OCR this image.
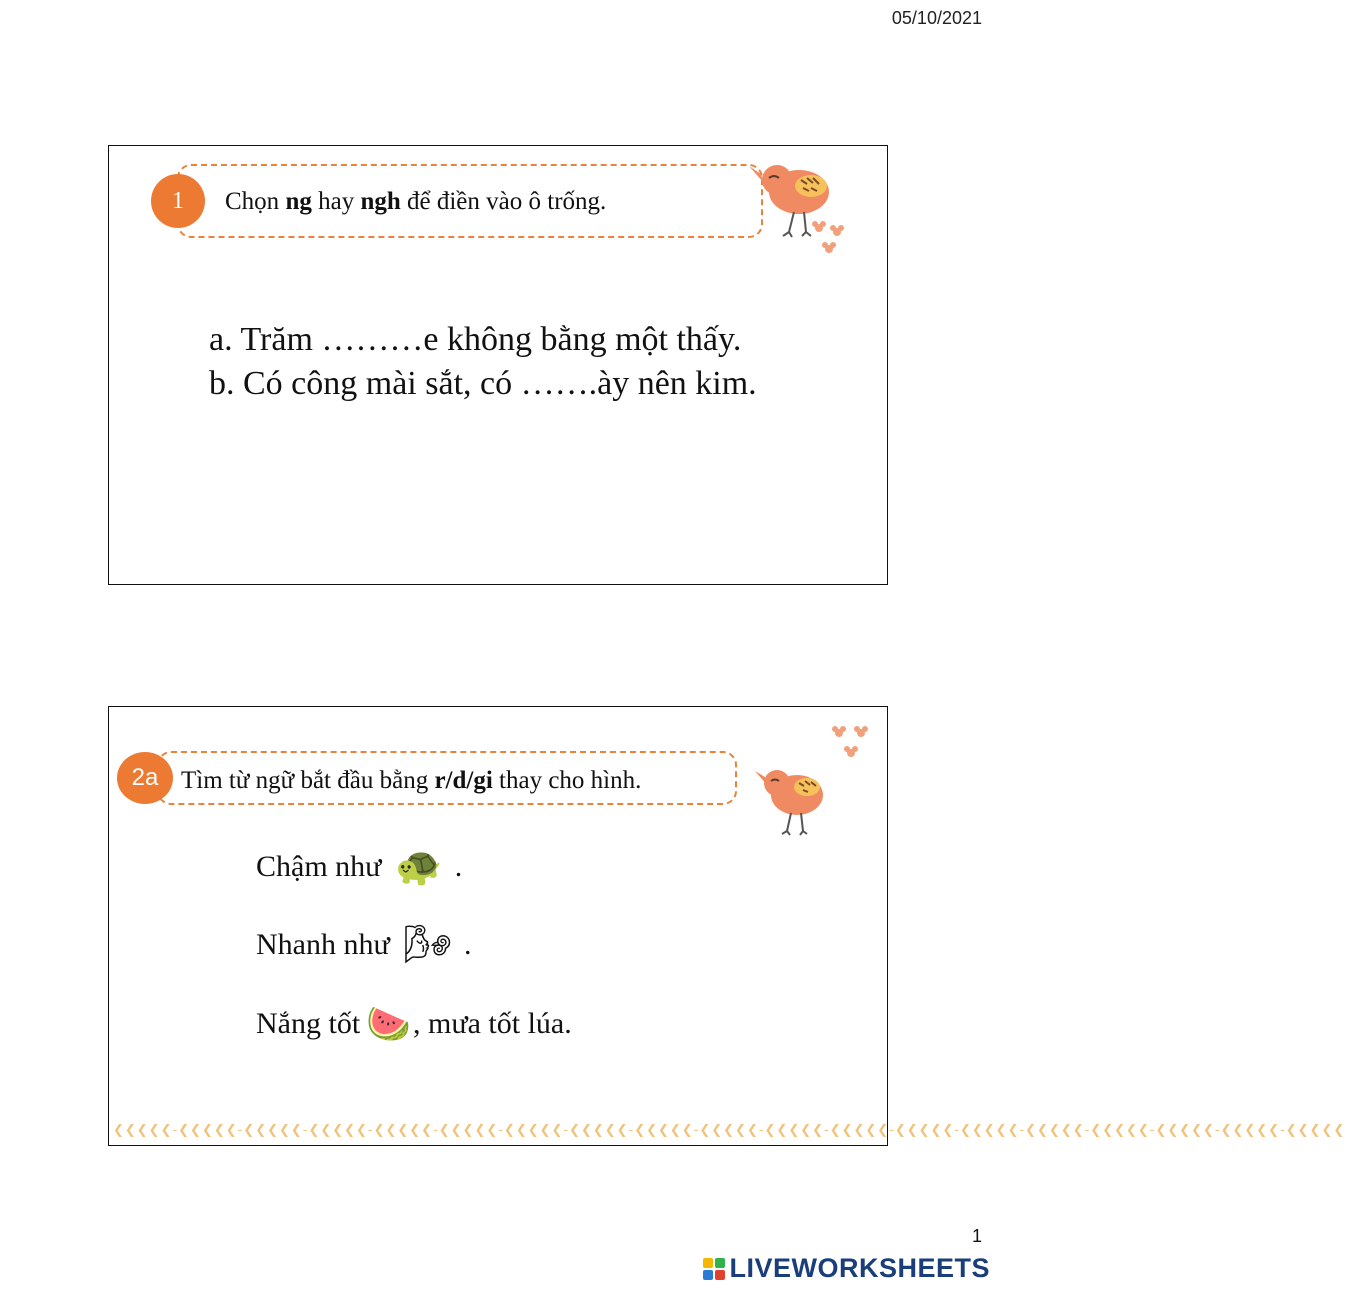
05/10/2021
1	Chọn ng hay ngh để điền vào ô trống.
a. Trăm ………e không bằng một thấy.
b. Có công mài sắt, có …….ày nên kim.
2a Tìm từ ngữ bắt đầu bằng r/d/gi thay cho hình.
Chậm như 🐢 .
Nhanh như 🌬 .
Nắng tốt 🍉 , mưa tốt lúa.
❮❮❮❮❮-❮❮❮❮❮-❮❮❮❮❮-❮❮❮❮❮-❮❮❮❮❮-❮❮❮❮❮-❮❮❮❮❮-❮❮❮❮❮-❮❮❮❮❮-❮❮❮❮❮-❮❮❮❮❮-❮❮❮❮❮-❮❮❮❮❮-❮❮❮❮❮-❮❮❮❮❮-❮❮❮❮❮-❮❮❮❮❮-❮❮❮❮❮-❮❮❮❮❮
1
LIVEWORKSHEETS
